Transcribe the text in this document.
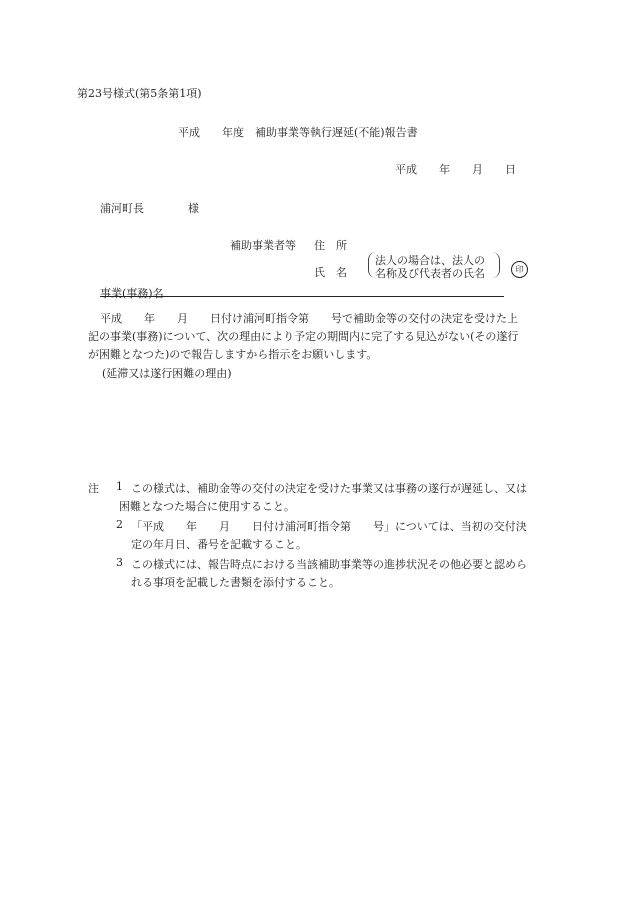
第23号様式(第5条第1項)
平成　　年度　補助事業等執行遅延(不能)報告書
平成　　年　　月　　日
浦河町長　　　　様
補助事業者等 住　所
氏　名
法人の場合は、法人の
名称及び代表者の氏名	印
事業(事務)名
平成　　年　　月　　日付け浦河町指令第　　号で補助金等の交付の決定を受けた上
記の事業(事務)について、次の理由により予定の期間内に完了する見込がない(その遂行
が困難となつた)ので報告しますから指示をお願いします。
(延滞又は遂行困難の理由)
注 1 この様式は、補助金等の交付の決定を受けた事業又は事務の遂行が遅延し、又は
困難となつた場合に使用すること。
2 「平成　　年　　月　　日付け浦河町指令第　　号」については、当初の交付決
定の年月日、番号を記載すること。
3 この様式には、報告時点における当該補助事業等の進捗状況その他必要と認めら
れる事項を記載した書類を添付すること。
